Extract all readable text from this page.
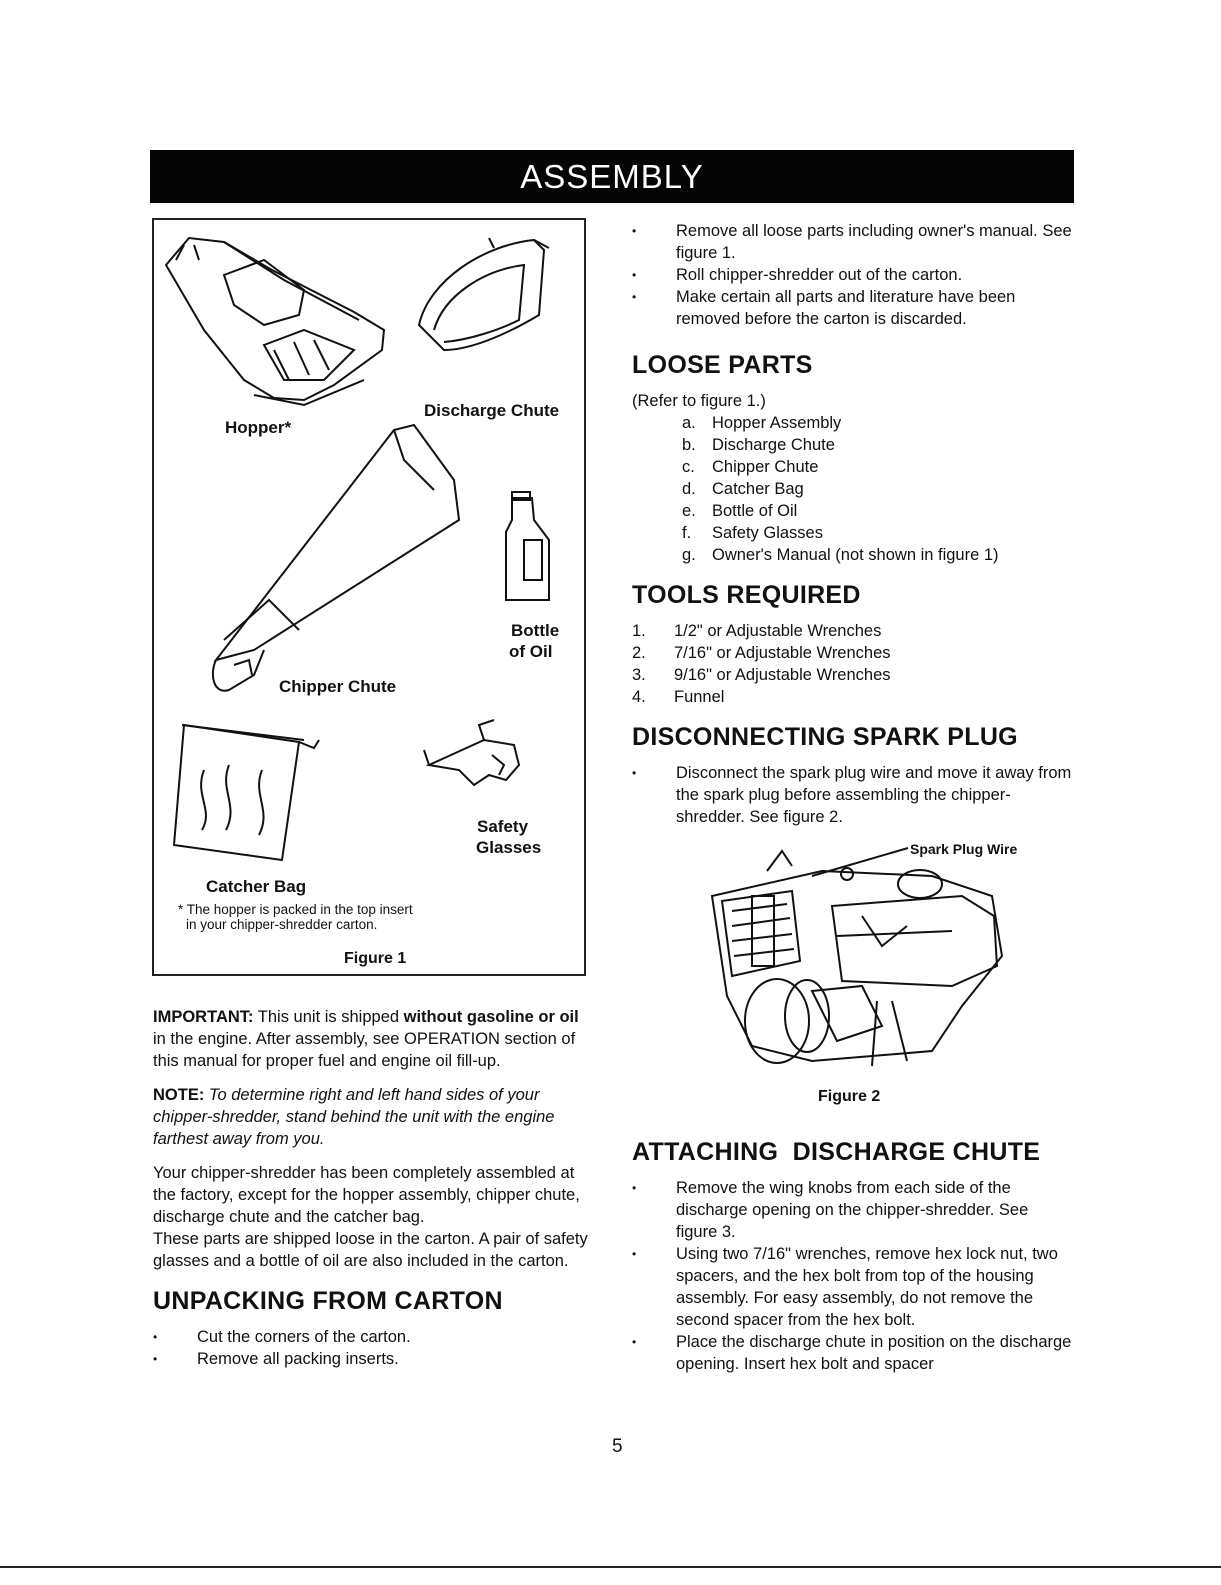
ASSEMBLY
Hopper*
Discharge Chute
Bottle
of Oil
Chipper Chute
Safety
Glasses
Catcher Bag
* The hopper is packed in the top insert
in your chipper-shredder carton.
Figure 1

IMPORTANT: This unit is shipped without gasoline or oil in the engine. After assembly, see OPERATION section of this manual for proper fuel and engine oil fill-up.

NOTE: To determine right and left hand sides of your chipper-shredder, stand behind the unit with the engine farthest away from you.

Your chipper-shredder has been completely assembled at the factory, except for the hopper assembly, chipper chute, discharge chute and the catcher bag.

These parts are shipped loose in the carton. A pair of safety glasses and a bottle of oil are also included in the carton.

UNPACKING FROM CARTON
• Cut the corners of the carton.
• Remove all packing inserts.
• Remove all loose parts including owner's manual. See figure 1.
• Roll chipper-shredder out of the carton.
• Make certain all parts and literature have been removed before the carton is discarded.
LOOSE PARTS
(Refer to figure 1.)
a. Hopper Assembly
b. Discharge Chute
c. Chipper Chute
d. Catcher Bag
e. Bottle of Oil
f. Safety Glasses
g. Owner's Manual (not shown in figure 1)
TOOLS REQUIRED
1. 1/2" or Adjustable Wrenches
2. 7/16" or Adjustable Wrenches
3. 9/16" or Adjustable Wrenches
4. Funnel
DISCONNECTING SPARK PLUG
• Disconnect the spark plug wire and move it away from the spark plug before assembling the chipper-shredder. See figure 2.
Spark Plug Wire
Figure 2
ATTACHING  DISCHARGE CHUTE
• Remove the wing knobs from each side of the discharge opening on the chipper-shredder. See figure 3.
• Using two 7/16" wrenches, remove hex lock nut, two spacers, and the hex bolt from top of the housing assembly. For easy assembly, do not remove the second spacer from the hex bolt.
• Place the discharge chute in position on the discharge opening. Insert hex bolt and spacer
5
